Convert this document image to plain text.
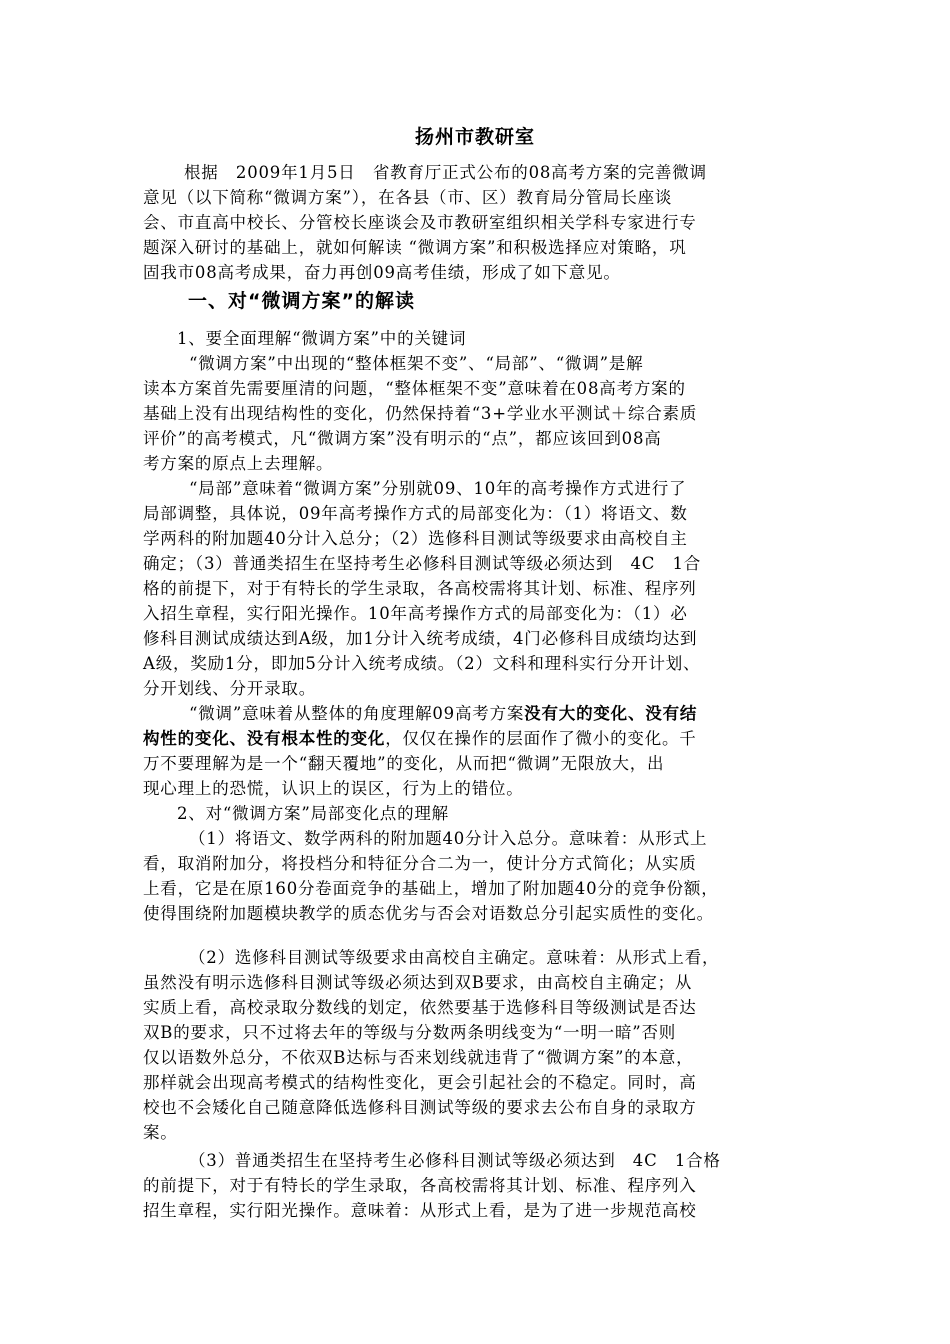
扬州市教研室
根据　2009年1月5日　省教育厅正式公布的08高考方案的完善微调
意见（以下简称“微调方案”），在各县（市、区）教育局分管局长座谈
会、市直高中校长、分管校长座谈会及市教研室组织相关学科专家进行专
题深入研讨的基础上，就如何解读 “微调方案”和积极选择应对策略，巩
固我市08高考成果，奋力再创09高考佳绩，形成了如下意见。
一、对“微调方案”的解读
1、要全面理解“微调方案”中的关键词
“微调方案”中出现的“整体框架不变”、“局部”、“微调”是解
读本方案首先需要厘清的问题，“整体框架不变”意味着在08高考方案的
基础上没有出现结构性的变化，仍然保持着“3+学业水平测试＋综合素质
评价”的高考模式，凡“微调方案”没有明示的“点”，都应该回到08高
考方案的原点上去理解。
“局部”意味着“微调方案”分别就09、10年的高考操作方式进行了
局部调整，具体说，09年高考操作方式的局部变化为：（1）将语文、数
学两科的附加题40分计入总分；（2）选修科目测试等级要求由高校自主
确定；（3）普通类招生在坚持考生必修科目测试等级必须达到　4C　1合
格的前提下，对于有特长的学生录取，各高校需将其计划、标准、程序列
入招生章程，实行阳光操作。10年高考操作方式的局部变化为：（1）必
修科目测试成绩达到A级，加1分计入统考成绩，4门必修科目成绩均达到
A级，奖励1分，即加5分计入统考成绩。（2）文科和理科实行分开计划、
分开划线、分开录取。
“微调”意味着从整体的角度理解09高考方案没有大的变化、没有结
构性的变化、没有根本性的变化，仅仅在操作的层面作了微小的变化。千
万不要理解为是一个“翻天覆地”的变化，从而把“微调”无限放大，出
现心理上的恐慌，认识上的误区，行为上的错位。
2、对“微调方案”局部变化点的理解
（1）将语文、数学两科的附加题40分计入总分。意味着：从形式上
看，取消附加分，将投档分和特征分合二为一，使计分方式简化；从实质
上看，它是在原160分卷面竞争的基础上，增加了附加题40分的竞争份额，
使得围绕附加题模块教学的质态优劣与否会对语数总分引起实质性的变化。
（2）选修科目测试等级要求由高校自主确定。意味着：从形式上看，
虽然没有明示选修科目测试等级必须达到双B要求，由高校自主确定；从
实质上看，高校录取分数线的划定，依然要基于选修科目等级测试是否达
双B的要求，只不过将去年的等级与分数两条明线变为“一明一暗”否则
仅以语数外总分，不依双B达标与否来划线就违背了“微调方案”的本意，
那样就会出现高考模式的结构性变化，更会引起社会的不稳定。同时，高
校也不会矮化自己随意降低选修科目测试等级的要求去公布自身的录取方
案。
（3）普通类招生在坚持考生必修科目测试等级必须达到　4C　1合格
的前提下，对于有特长的学生录取，各高校需将其计划、标准、程序列入
招生章程，实行阳光操作。意味着：从形式上看，是为了进一步规范高校
